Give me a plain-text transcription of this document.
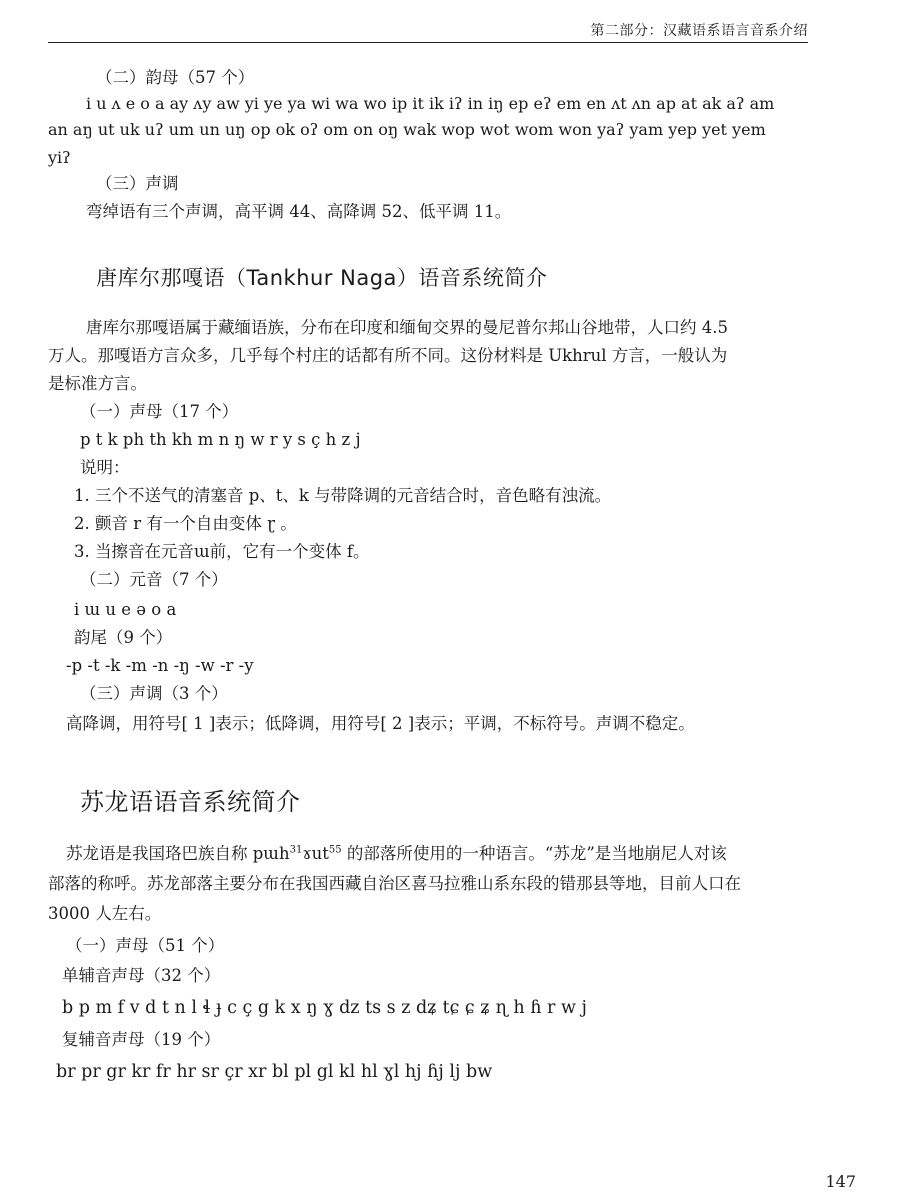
第二部分：汉藏语系语言音系介绍
（二）韵母（57 个）
i u ʌ e o a ay ʌy aw yi ye ya wi wa wo ip it ik iʔ in iŋ ep eʔ em en ʌt ʌn ap at ak aʔ am
an aŋ ut uk uʔ um un uŋ op ok oʔ om on oŋ wak wop wot wom won yaʔ yam yep yet yem
yiʔ
（三）声调
弯绰语有三个声调，高平调 44、高降调 52、低平调 11。
唐库尔那嘎语（Tankhur Naga）语音系统简介
唐库尔那嘎语属于藏缅语族，分布在印度和缅甸交界的曼尼普尔邦山谷地带，人口约 4.5
万人。那嘎语方言众多，几乎每个村庄的话都有所不同。这份材料是 Ukhrul 方言，一般认为
是标准方言。
（一）声母（17 个）
p t k ph th kh m n ŋ w r y s ç h z j
说明：
1. 三个不送气的清塞音 p、t、k 与带降调的元音结合时，音色略有浊流。
2. 颤音 r 有一个自由变体 ɽ 。
3. 当擦音在元音ɯ前，它有一个变体 f。
（二）元音（7 个）
i ɯ u e ə o a
韵尾（9 个）
-p -t -k -m -n -ŋ -w -r -y
（三）声调（3 个）
高降调，用符号[ 1 ]表示；低降调，用符号[ 2 ]表示；平调，不标符号。声调不稳定。
苏龙语语音系统简介
苏龙语是我国珞巴族自称 pɯh$^{31}$ɤut$^{55}$ 的部落所使用的一种语言。“苏龙”是当地崩尼人对该
部落的称呼。苏龙部落主要分布在我国西藏自治区喜马拉雅山系东段的错那县等地，目前人口在
3000 人左右。
（一）声母（51 个）
单辅音声母（32 个）
b p m f v d t n l ɬ ɟ c ç g k x ŋ ɣ dz ts s z dʑ tɕ ɕ ʑ ɳ h ɦ r w j
复辅音声母（19 个）
br pr gr kr fr hr sr çr xr bl pl gl kl hl ɣl hj ɦj lj bw
147
